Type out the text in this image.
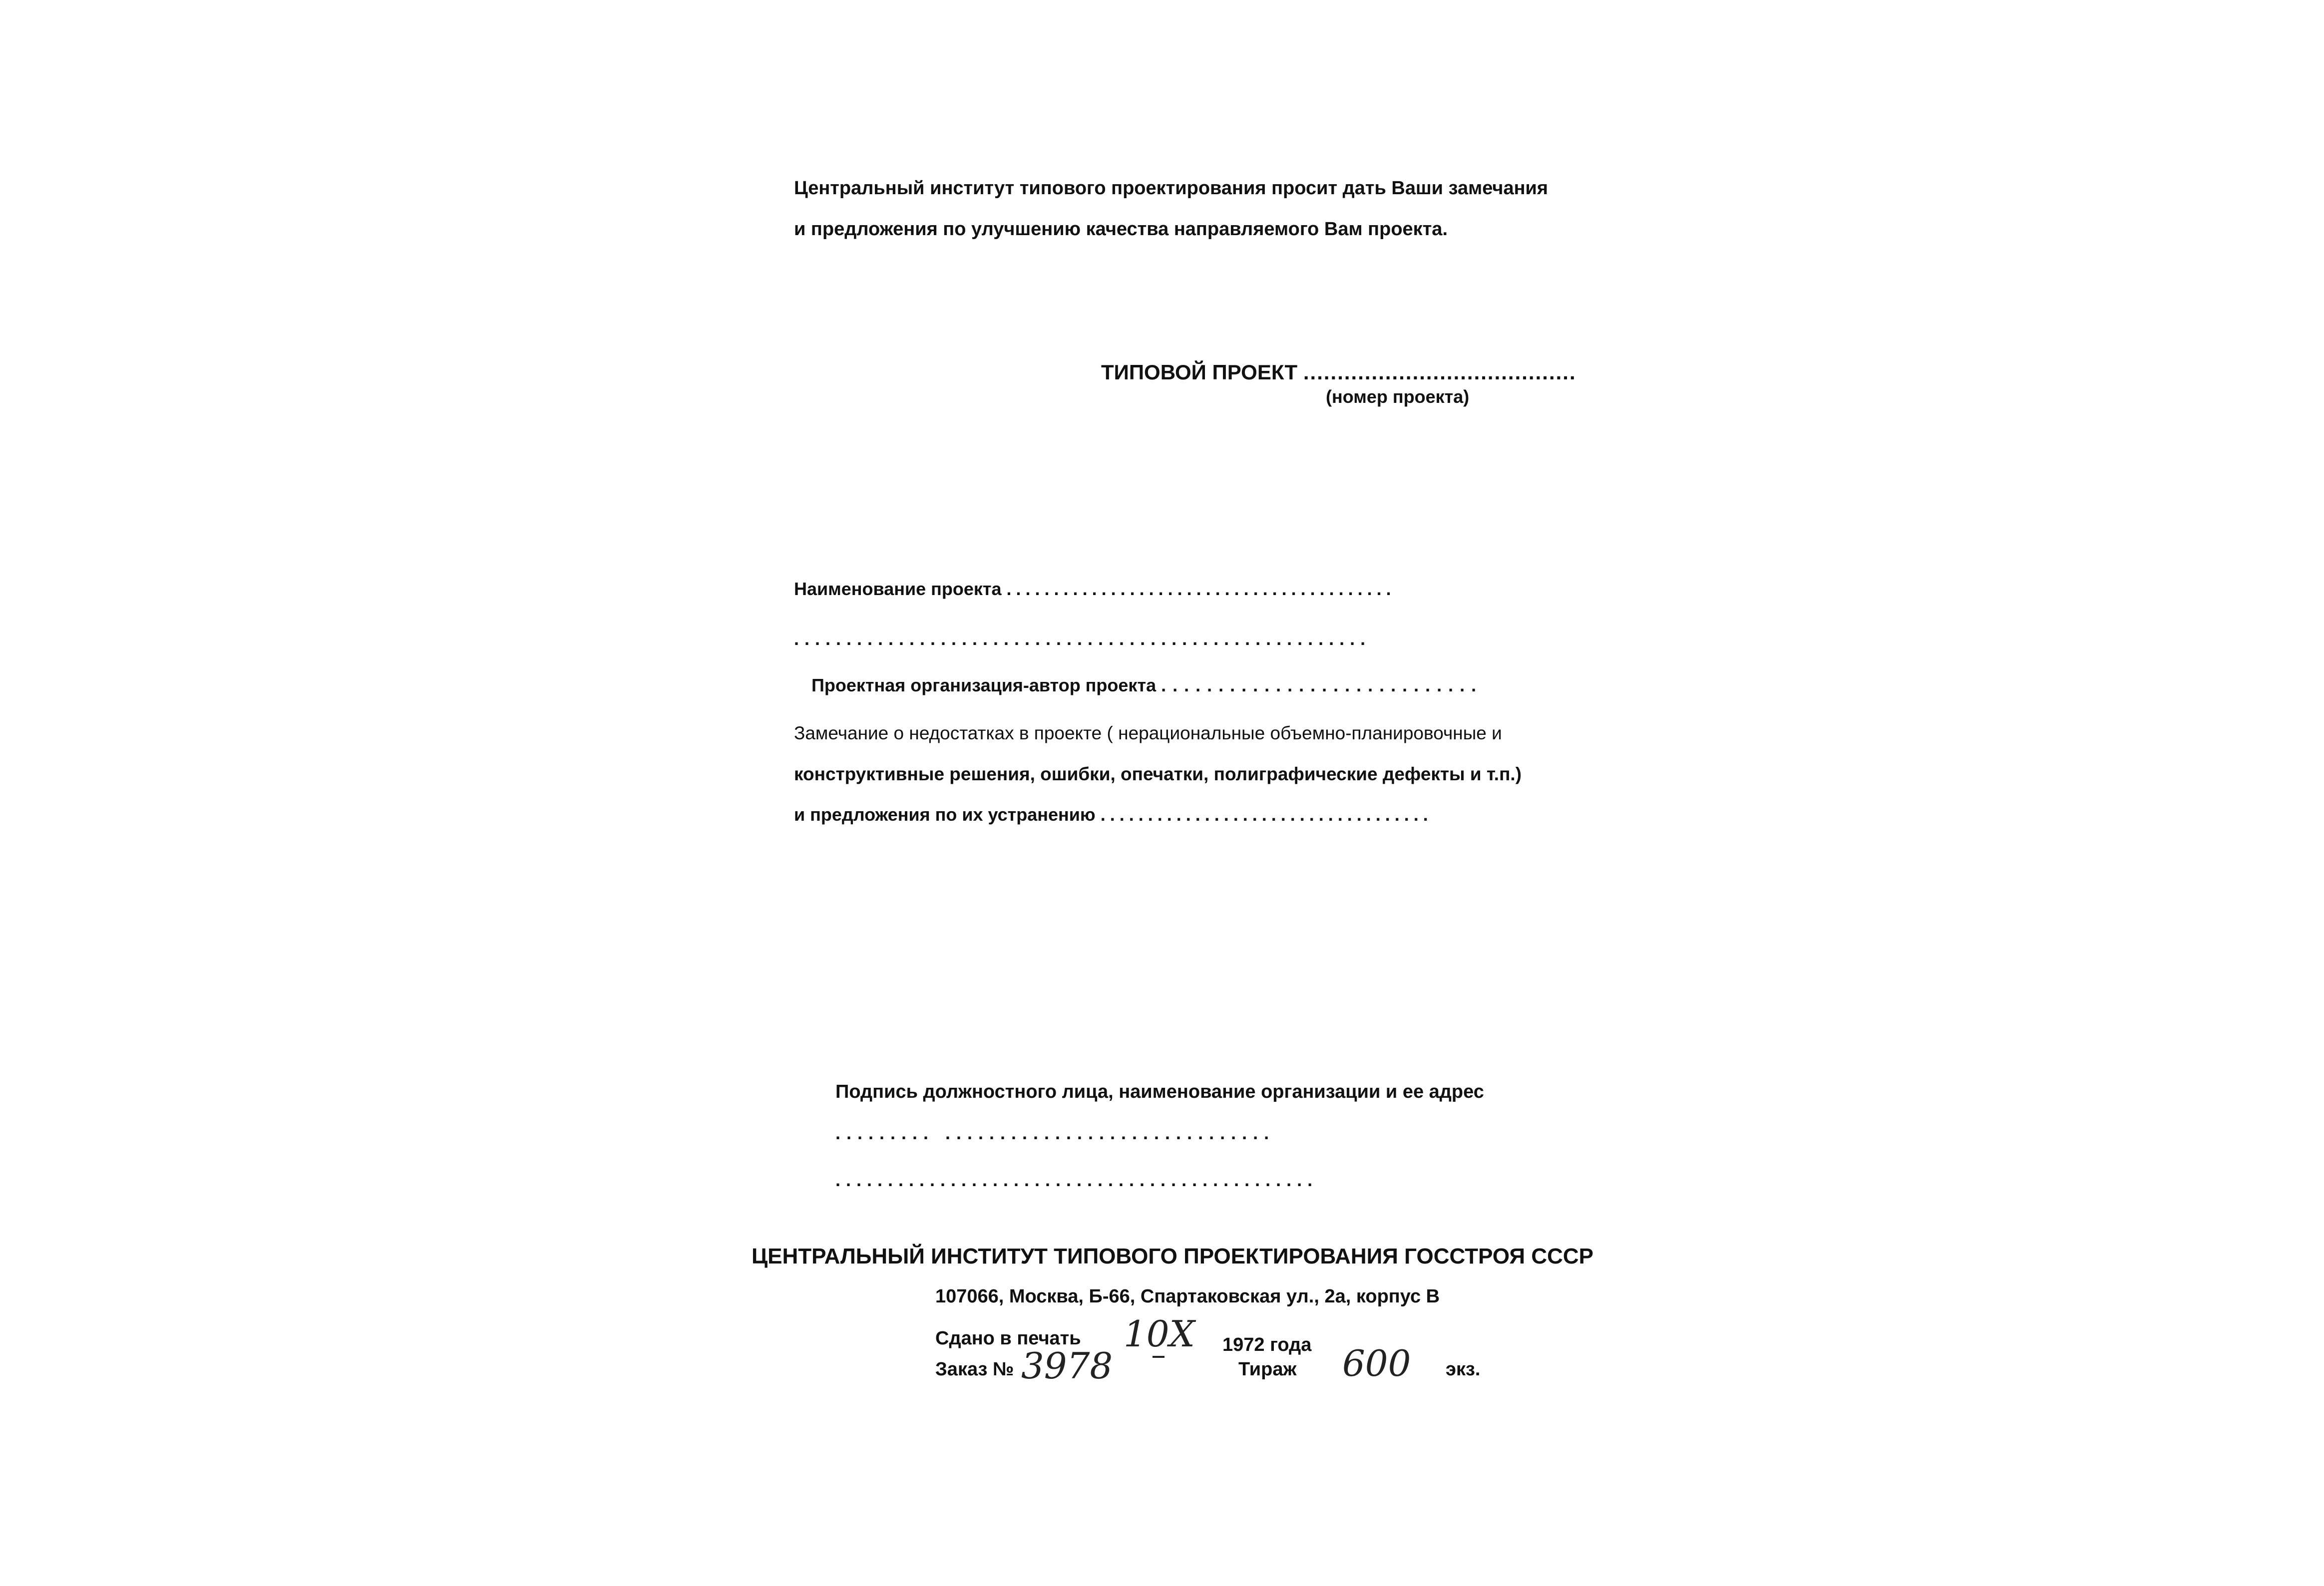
Центральный институт типового проектирования просит дать Ваши замечания
и предложения по улучшению качества направляемого Вам проекта.
ТИПОВОЙ ПРОЕКТ ........................................
(номер проекта)
Наименование проекта .........................................
.......................................................
Проектная организация-автор проекта ............................
Замечание о недостатках в проекте ( нерациональные объемно-планировочные и
конструктивные решения, ошибки, опечатки, полиграфические дефекты и т.п.)
и предложения по их устранению ...................................
Подпись должностного лица, наименование организации и ее адрес
......... ..............................
..............................................
ЦЕНТРАЛЬНЫЙ ИНСТИТУТ ТИПОВОГО ПРОЕКТИРОВАНИЯ ГОССТРОЯ СССР
107066, Москва, Б-66, Спартаковская ул., 2а, корпус В
Сдано в печать 10X 1972 года
Заказ № 3978	Тираж 600 экз.
